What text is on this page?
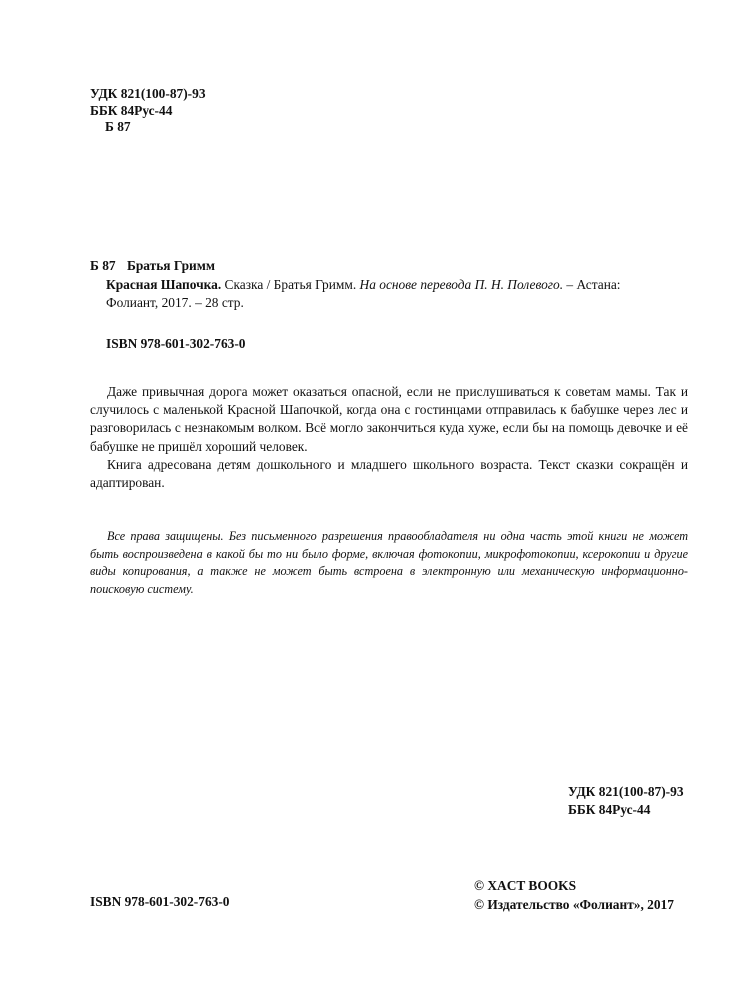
УДК 821(100-87)-93
ББК 84Рус-44
Б 87
Б 87 Братья Гримм
Красная Шапочка. Сказка / Братья Гримм. На основе перевода П. Н. Полевого. – Астана:
Фолиант, 2017. – 28 стр.
ISBN 978-601-302-763-0

Даже привычная дорога может оказаться опасной, если не прислушиваться к советам мамы. Так и случилось с маленькой Красной Шапочкой, когда она с гостинцами отправилась к бабушке через лес и разговорилась с незнакомым волком. Всё могло закончиться куда хуже, если бы на помощь девочке и её бабушке не пришёл хороший человек.

Книга адресована детям дошкольного и младшего школьного возраста. Текст сказки сокращён и адаптирован.

Все права защищены. Без письменного разрешения правообладателя ни одна часть этой книги не может быть воспроизведена в какой бы то ни было форме, включая фотокопии, микрофотокопии, ксерокопии и другие виды копирования, а также не может быть встроена в электронную или механическую информационно-поисковую систему.

УДК 821(100-87)-93
ББК 84Рус-44
© XACT BOOKS
© Издательство «Фолиант», 2017
ISBN 978-601-302-763-0
